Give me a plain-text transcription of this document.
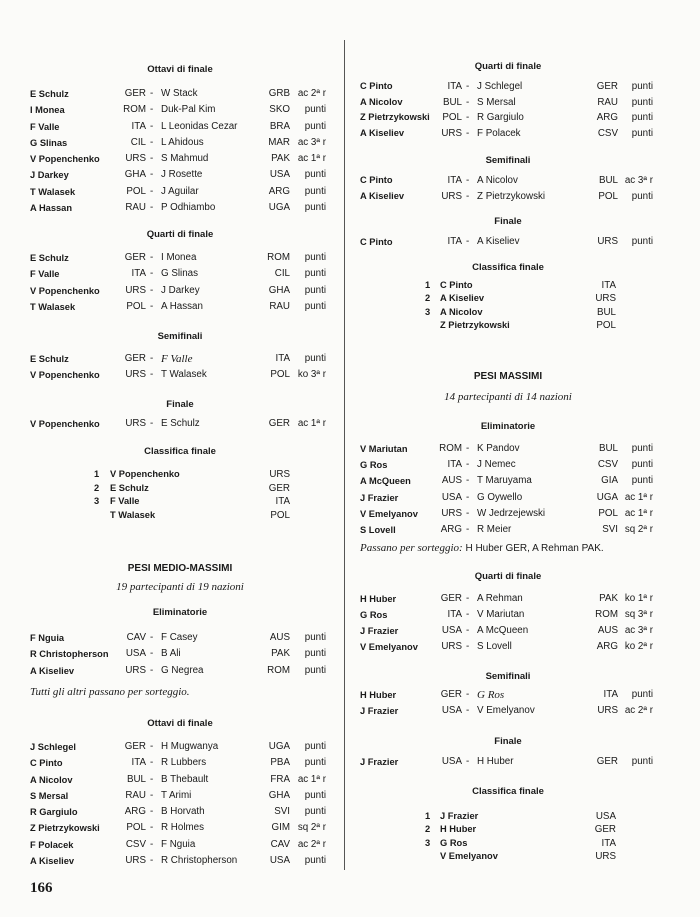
Ottavi di finale
E Schulz	GER - W Stack	GRB ac 2ª r
I Monea	ROM - Duk-Pal Kim	SKO punti
F Valle	ITA - L Leonidas Cezar	BRA punti
G Slinas	CIL - L Ahidous	MAR ac 3ª r
V Popenchenko	URS - S Mahmud	PAK ac 1ª r
J Darkey	GHA - J Rosette	USA punti
T Walasek	POL - J Aguilar	ARG punti
A Hassan	RAU - P Odhiambo	UGA punti
Quarti di finale
E Schulz	GER - I Monea	ROM punti
F Valle	ITA - G Slinas	CIL punti
V Popenchenko	URS - J Darkey	GHA punti
T Walasek	POL - A Hassan	RAU punti
Semifinali
E Schulz	GER - F Valle	ITA punti
V Popenchenko	URS - T Walasek	POL ko 3ª r
Finale
V Popenchenko	URS - E Schulz	GER ac 1ª r
Classifica finale
1 V Popenchenko	URS
2 E Schulz	GER
3 F Valle	ITA
T Walasek	POL
PESI MEDIO-MASSIMI
19 partecipanti di 19 nazioni
Eliminatorie
F Nguia	CAV - F Casey	AUS punti
R Christopherson USA - B Ali	PAK punti
A Kiseliev	URS - G Negrea	ROM punti
Tutti gli altri passano per sorteggio.
Ottavi di finale
J Schlegel	GER - H Mugwanya	UGA punti
C Pinto	ITA - R Lubbers	PBA punti
A Nicolov	BUL - B Thebault	FRA ac 1ª r
S Mersal	RAU - T Arimi	GHA punti
R Gargiulo	ARG - B Horvath	SVI punti
Z Pietrzykowski	POL - R Holmes	GIM sq 2ª r
F Polacek	CSV - F Nguia	CAV ac 2ª r
A Kiseliev	URS - R Christopherson	USA punti
Quarti di finale
C Pinto	ITA - J Schlegel	GER punti
A Nicolov	BUL - S Mersal	RAU punti
Z Pietrzykowski POL - R Gargiulo	ARG punti
A Kiseliev	URS - F Polacek	CSV punti
Semifinali
C Pinto	ITA - A Nicolov	BUL ac 3ª r
A Kiseliev	URS - Z Pietrzykowski	POL punti
Finale
C Pinto	ITA - A Kiseliev	URS punti
Classifica finale
1 C Pinto	ITA
2 A Kiseliev	URS
3 A Nicolov	BUL
Z Pietrzykowski	POL
PESI MASSIMI
14 partecipanti di 14 nazioni
Eliminatorie
V Mariutan	ROM - K Pandov	BUL punti
G Ros	ITA - J Nemec	CSV punti
A McQueen	AUS - T Maruyama	GIA punti
J Frazier	USA - G Oywello	UGA ac 1ª r
V Emelyanov URS - W Jedrzejewski	POL ac 1ª r
S Lovell	ARG - R Meier	SVI sq 2ª r
Passano per sorteggio: H Huber GER, A Rehman PAK.
Quarti di finale
H Huber	GER - A Rehman	PAK ko 1ª r
G Ros	ITA - V Mariutan	ROM sq 3ª r
J Frazier	USA - A McQueen	AUS ac 3ª r
V Emelyanov URS - S Lovell	ARG ko 2ª r
Semifinali
H Huber	GER - G Ros	ITA punti
J Frazier	USA - V Emelyanov	URS ac 2ª r
Finale
J Frazier	USA - H Huber	GER punti
Classifica finale
1 J Frazier	USA
2 H Huber	GER
3 G Ros	ITA
V Emelyanov	URS
166
